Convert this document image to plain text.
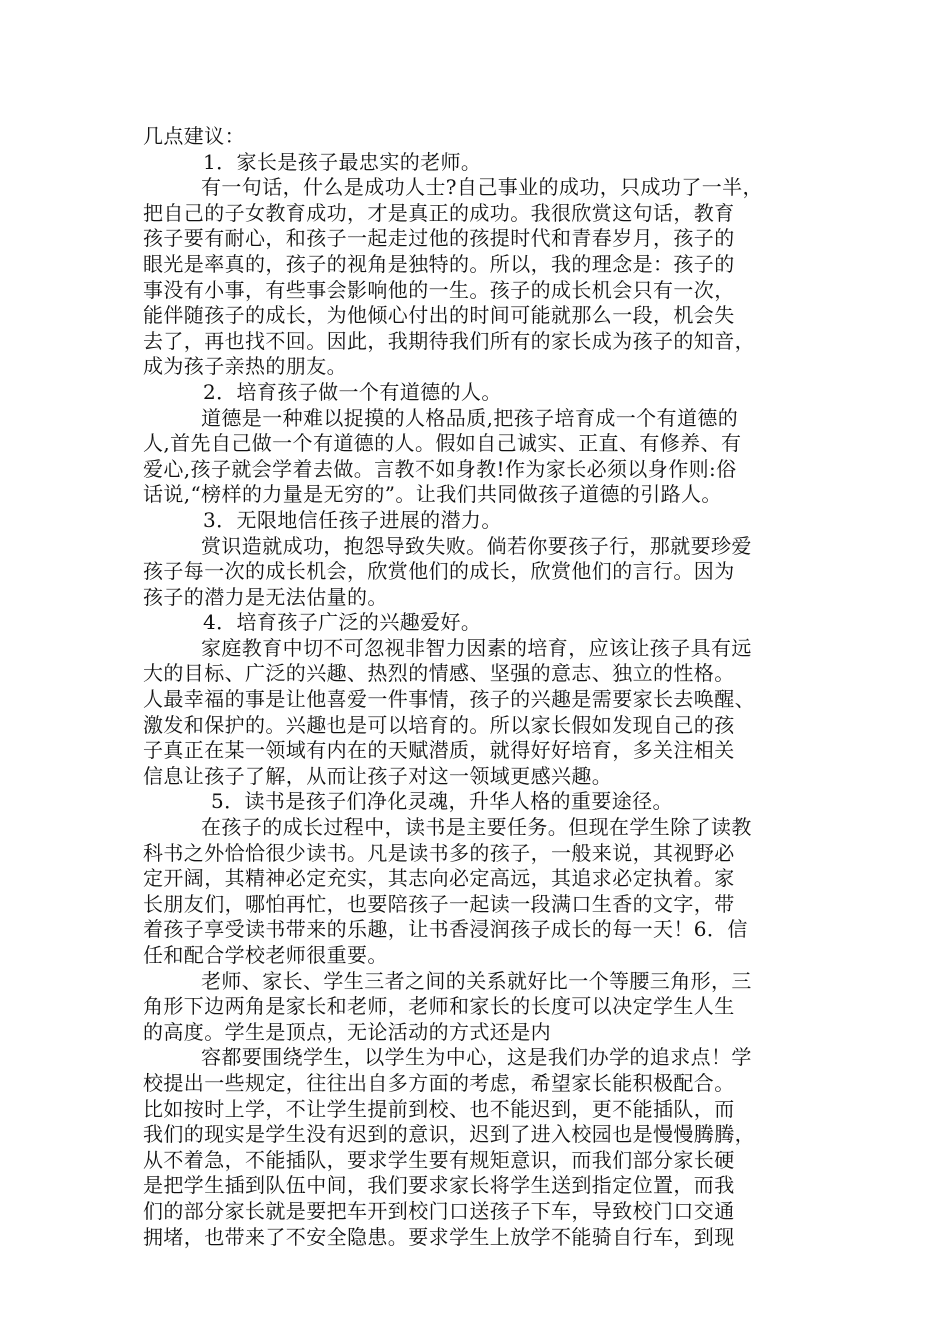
几点建议：
1．家长是孩子最忠实的老师。
有一句话，什么是成功人士?自己事业的成功，只成功了一半，
把自己的子女教育成功，才是真正的成功。我很欣赏这句话，教育
孩子要有耐心，和孩子一起走过他的孩提时代和青春岁月，孩子的
眼光是率真的，孩子的视角是独特的。所以，我的理念是：孩子的
事没有小事，有些事会影响他的一生。孩子的成长机会只有一次，
能伴随孩子的成长，为他倾心付出的时间可能就那么一段，机会失
去了，再也找不回。因此，我期待我们所有的家长成为孩子的知音，
成为孩子亲热的朋友。
2．培育孩子做一个有道德的人。
道德是一种难以捉摸的人格品质,把孩子培育成一个有道德的
人,首先自己做一个有道德的人。假如自己诚实、正直、有修养、有
爱心,孩子就会学着去做。言教不如身教!作为家长必须以身作则:俗
话说,“榜样的力量是无穷的”。让我们共同做孩子道德的引路人。
3．无限地信任孩子进展的潜力。
赏识造就成功，抱怨导致失败。倘若你要孩子行，那就要珍爱
孩子每一次的成长机会，欣赏他们的成长，欣赏他们的言行。因为
孩子的潜力是无法估量的。
4．培育孩子广泛的兴趣爱好。
家庭教育中切不可忽视非智力因素的培育，应该让孩子具有远
大的目标、广泛的兴趣、热烈的情感、坚强的意志、独立的性格。
人最幸福的事是让他喜爱一件事情，孩子的兴趣是需要家长去唤醒、
激发和保护的。兴趣也是可以培育的。所以家长假如发现自己的孩
子真正在某一领域有内在的天赋潜质，就得好好培育，多关注相关
信息让孩子了解，从而让孩子对这一领域更感兴趣。
5．读书是孩子们净化灵魂，升华人格的重要途径。
在孩子的成长过程中，读书是主要任务。但现在学生除了读教
科书之外恰恰很少读书。凡是读书多的孩子，一般来说，其视野必
定开阔，其精神必定充实，其志向必定高远，其追求必定执着。家
长朋友们，哪怕再忙，也要陪孩子一起读一段满口生香的文字，带
着孩子享受读书带来的乐趣，让书香浸润孩子成长的每一天！6．信
任和配合学校老师很重要。
老师、家长、学生三者之间的关系就好比一个等腰三角形，三
角形下边两角是家长和老师，老师和家长的长度可以决定学生人生
的高度。学生是顶点，无论活动的方式还是内
容都要围绕学生，以学生为中心，这是我们办学的追求点！学
校提出一些规定，往往出自多方面的考虑，希望家长能积极配合。
比如按时上学，不让学生提前到校、也不能迟到，更不能插队，而
我们的现实是学生没有迟到的意识，迟到了进入校园也是慢慢腾腾，
从不着急，不能插队，要求学生要有规矩意识，而我们部分家长硬
是把学生插到队伍中间，我们要求家长将学生送到指定位置，而我
们的部分家长就是要把车开到校门口送孩子下车，导致校门口交通
拥堵，也带来了不安全隐患。要求学生上放学不能骑自行车，到现
